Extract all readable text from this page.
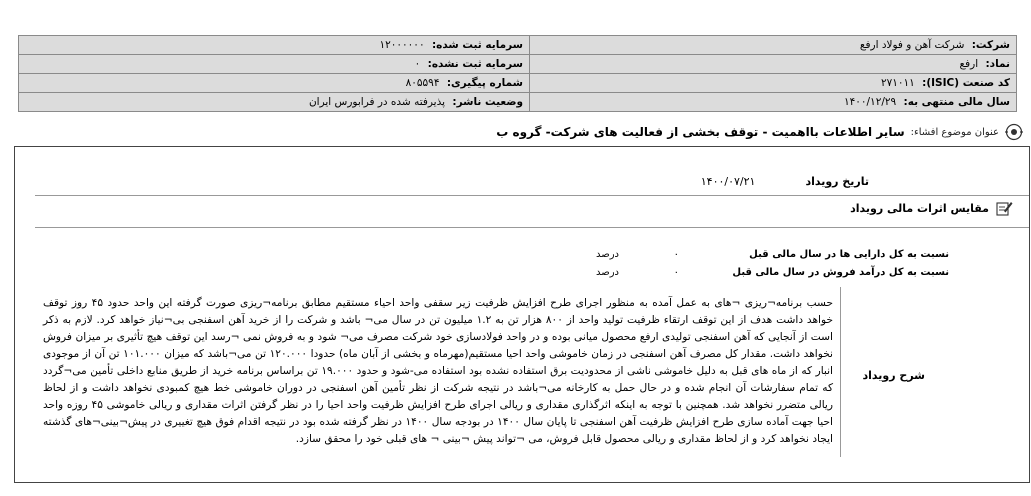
شرکت: شرکت آهن و فولاد ارفع	سرمایه ثبت شده: ۱۲۰۰۰۰۰۰
نماد: ارفع	سرمایه ثبت نشده: ۰
کد صنعت (ISIC): ۲۷۱۰۱۱	شماره پیگیری: ۸۰۵۵۹۴
سال مالی منتهی به: ۱۴۰۰/۱۲/۲۹	وضعیت ناشر: پذیرفته شده در فرابورس ایران
عنوان موضوع افشاء:
سایر اطلاعات بااهمیت - توقف بخشی از فعالیت های شرکت- گروه ب
تاریخ رویداد
۱۴۰۰/۰۷/۲۱
مقایس اثرات مالی رویداد
نسبت به کل دارایی ها در سال مالی قبل
۰
درصد
نسبت به کل درآمد فروش در سال مالی قبل
۰
درصد
شرح رویداد
حسب برنامه¬ریزی ¬های به عمل آمده به منظور اجرای طرح افزایش ظرفیت زیر سقفی واحد احیاء مستقیم مطابق برنامه¬ریزی صورت گرفته این واحد حدود ۴۵ روز توقف خواهد داشت هدف از این توقف ارتقاء ظرفیت تولید واحد از ۸۰۰ هزار تن به ۱.۲ میلیون تن در سال می¬ باشد و شرکت را از خرید آهن اسفنجی بی¬نیاز خواهد کرد. لازم به ذکر است از آنجایی که آهن اسفنجی تولیدی ارفع محصول میانی بوده و در واحد فولادسازی خود شرکت مصرف می¬ شود و به فروش نمی ¬رسد این توقف هیچ تأثیری بر میزان فروش نخواهد داشت. مقدار کل مصرف آهن اسفنجی در زمان خاموشی واحد احیا مستقیم(مهرماه و بخشی از آبان ماه) حدودا ۱۲۰.۰۰۰ تن می¬باشد که میزان ۱۰۱.۰۰۰ تن آن از موجودی انبار که از ماه های قبل به دلیل خاموشی ناشی از محدودیت برق استفاده نشده بود استفاده می-شود و حدود ۱۹.۰۰۰ تن براساس برنامه خرید از طریق منابع داخلی تأمین می¬گردد که تمام سفارشات آن انجام شده و در حال حمل به کارخانه می¬باشد در نتیجه شرکت از نظر تأمین آهن اسفنجی در دوران خاموشی خط هیچ کمبودی نخواهد داشت و از لحاظ ریالی متضرر نخواهد شد. همچنین با توجه به اینکه اثرگذاری مقداری و ریالی اجرای طرح افزایش ظرفیت واحد احیا را در نظر گرفتن اثرات مقداری و ریالی خاموشی ۴۵ روزه واحد احیا جهت آماده سازی طرح افزایش ظرفیت آهن اسفنجی تا پایان سال ۱۴۰۰ در بودجه سال ۱۴۰۰ در نظر گرفته شده بود در نتیجه اقدام فوق هیچ تغییری در پیش¬بینی¬های گذشته ایجاد نخواهد کرد و از لحاظ مقداری و ریالی محصول قابل فروش، می ¬تواند پیش ¬بینی ¬ های قبلی خود را محقق سازد.
